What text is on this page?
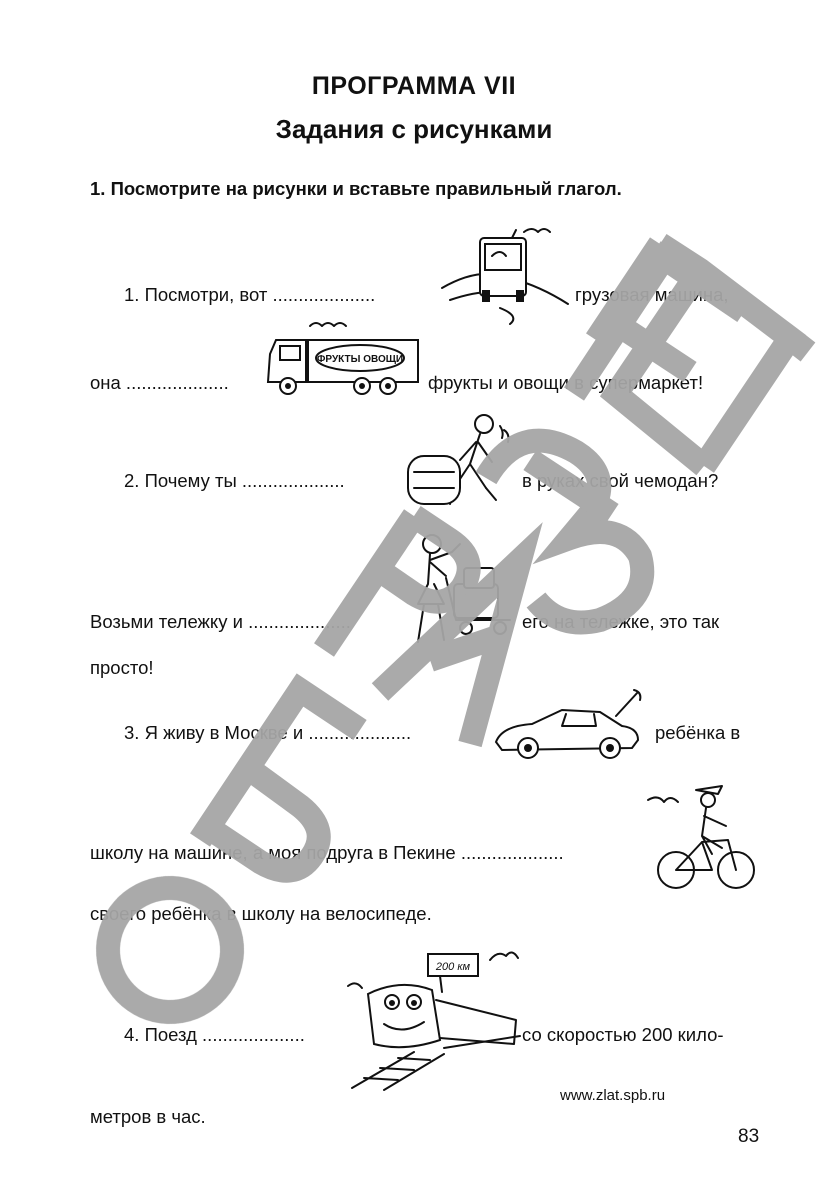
ПРОГРАММА VII
Задания с рисунками
1. Посмотрите на рисунки и вставьте правильный глагол.
1. Посмотри, вот ....................	грузовая машина,
она ....................	фрукты и овощи в супермаркет!
2. Почему ты ....................	в руках свой чемодан?
Возьми тележку и ....................	его на тележке, это так
просто!
3. Я живу в Москве и ....................	ребёнка в
школу на машине, а моя подруга в Пекине ....................
своего ребёнка в школу на велосипеде.
4. Поезд ....................	со скоростью 200 кило-
метров в час.
ФРУКТЫ ОВОЩИ
200 км
www.zlat.spb.ru
83
